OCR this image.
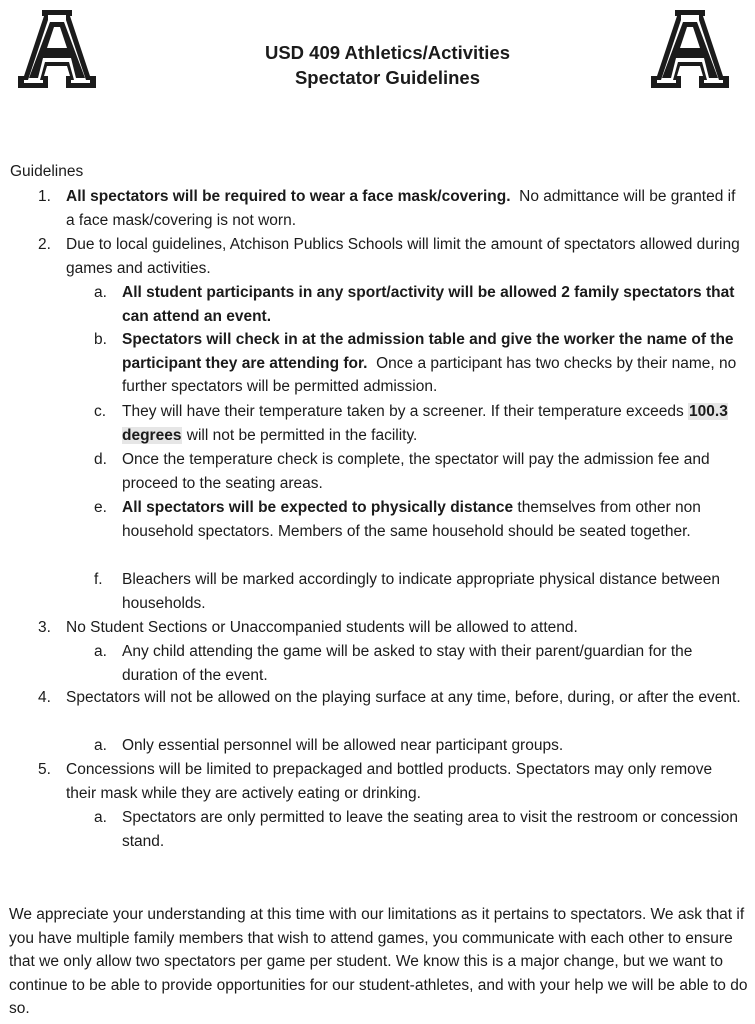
USD 409 Athletics/Activities
Spectator Guidelines
Guidelines
1. All spectators will be required to wear a face mask/covering. No admittance will be granted if a face mask/covering is not worn.
2. Due to local guidelines, Atchison Publics Schools will limit the amount of spectators allowed during games and activities.
a. All student participants in any sport/activity will be allowed 2 family spectators that can attend an event.
b. Spectators will check in at the admission table and give the worker the name of the participant they are attending for. Once a participant has two checks by their name, no further spectators will be permitted admission.
c.	They will have their temperature taken by a screener. If their temperature exceeds 100.3 degrees will not be permitted in the facility.
d. Once the temperature check is complete, the spectator will pay the admission fee and proceed to the seating areas.
e. All spectators will be expected to physically distance themselves from other non household spectators. Members of the same household should be seated together.
f.	Bleachers will be marked accordingly to indicate appropriate physical distance between households.
3. No Student Sections or Unaccompanied students will be allowed to attend.
a. Any child attending the game will be asked to stay with their parent/guardian for the duration of the event.
4. Spectators will not be allowed on the playing surface at any time, before, during, or after the event.
a. Only essential personnel will be allowed near participant groups.
5. Concessions will be limited to prepackaged and bottled products. Spectators may only remove their mask while they are actively eating or drinking.
a. Spectators are only permitted to leave the seating area to visit the restroom or concession stand.
We appreciate your understanding at this time with our limitations as it pertains to spectators. We ask that if you have multiple family members that wish to attend games, you communicate with each other to ensure that we only allow two spectators per game per student. We know this is a major change, but we want to continue to be able to provide opportunities for our student-athletes, and with your help we will be able to do so.
